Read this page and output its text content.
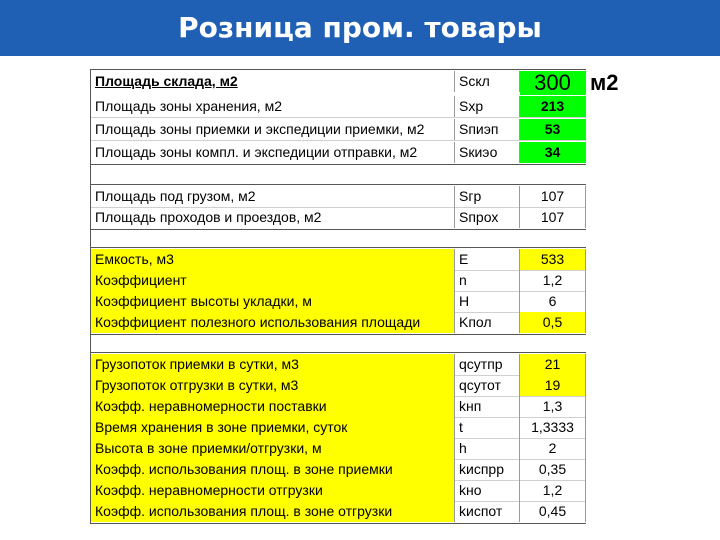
Розница пром. товары
Площадь склада, м2	Sскл	300 м2
Площадь зоны хранения, м2	Sхр	213
Площадь зоны приемки и экспедиции приемки, м2	Sпиэп	53
Площадь зоны компл. и экспедиции отправки, м2	Sкиэо	34
Площадь под грузом, м2	Sгр	107
Площадь проходов и проездов, м2	Sпрох	107
Емкость, м3	E	533
Коэффициент	n	1,2
Коэффициент высоты укладки, м	H	6
Коэффициент полезного использования площади	Kпол	0,5
Грузопоток приемки в сутки, м3	qсутпр	21
Грузопоток отгрузки в сутки, м3	qсутот	19
Коэфф. неравномерности поставки	kнп	1,3
Время хранения в зоне приемки, суток	t	1,3333
Высота в зоне приемки/отгрузки, м	h	2
Коэфф. использования площ. в зоне приемки	kиспрр	0,35
Коэфф. неравномерности отгрузки	kно	1,2
Коэфф. использования площ. в зоне отгрузки	kиспот	0,45
